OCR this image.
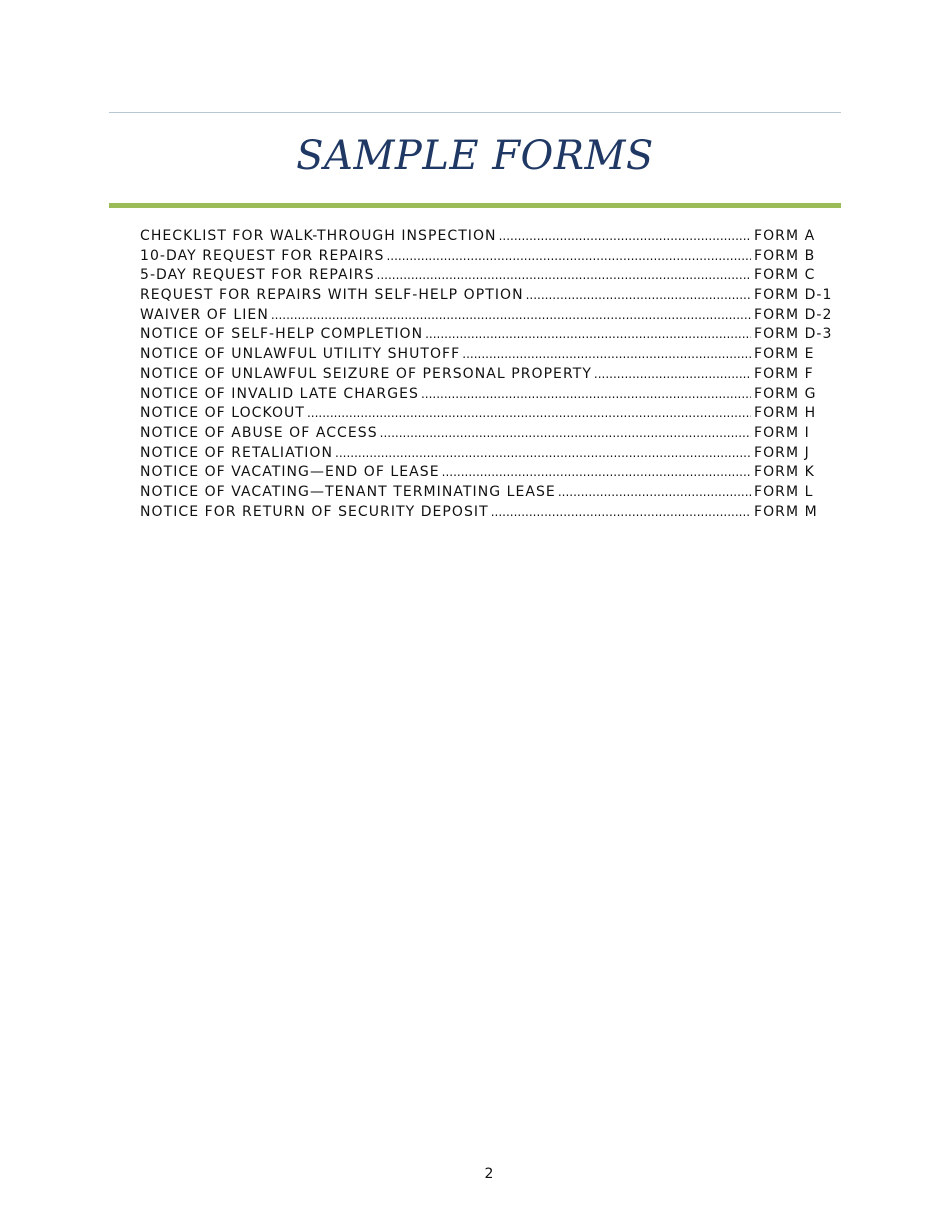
SAMPLE FORMS
CHECKLIST FOR WALK-THROUGH INSPECTION .....	FORM A
10-DAY REQUEST FOR REPAIRS .....	FORM B
5-DAY REQUEST FOR REPAIRS .....	FORM C
REQUEST FOR REPAIRS WITH SELF-HELP OPTION .....	FORM D-1
WAIVER OF LIEN .....	FORM D-2
NOTICE OF SELF-HELP COMPLETION .....	FORM D-3
NOTICE OF UNLAWFUL UTILITY SHUTOFF .....	FORM E
NOTICE OF UNLAWFUL SEIZURE OF PERSONAL PROPERTY .....	FORM F
NOTICE OF INVALID LATE CHARGES .....	FORM G
NOTICE OF LOCKOUT .....	FORM H
NOTICE OF ABUSE OF ACCESS .....	FORM I
NOTICE OF RETALIATION .....	FORM J
NOTICE OF VACATING—END OF LEASE .....	FORM K
NOTICE OF VACATING—TENANT TERMINATING LEASE .....	FORM L
NOTICE FOR RETURN OF SECURITY DEPOSIT .....	FORM M
2
